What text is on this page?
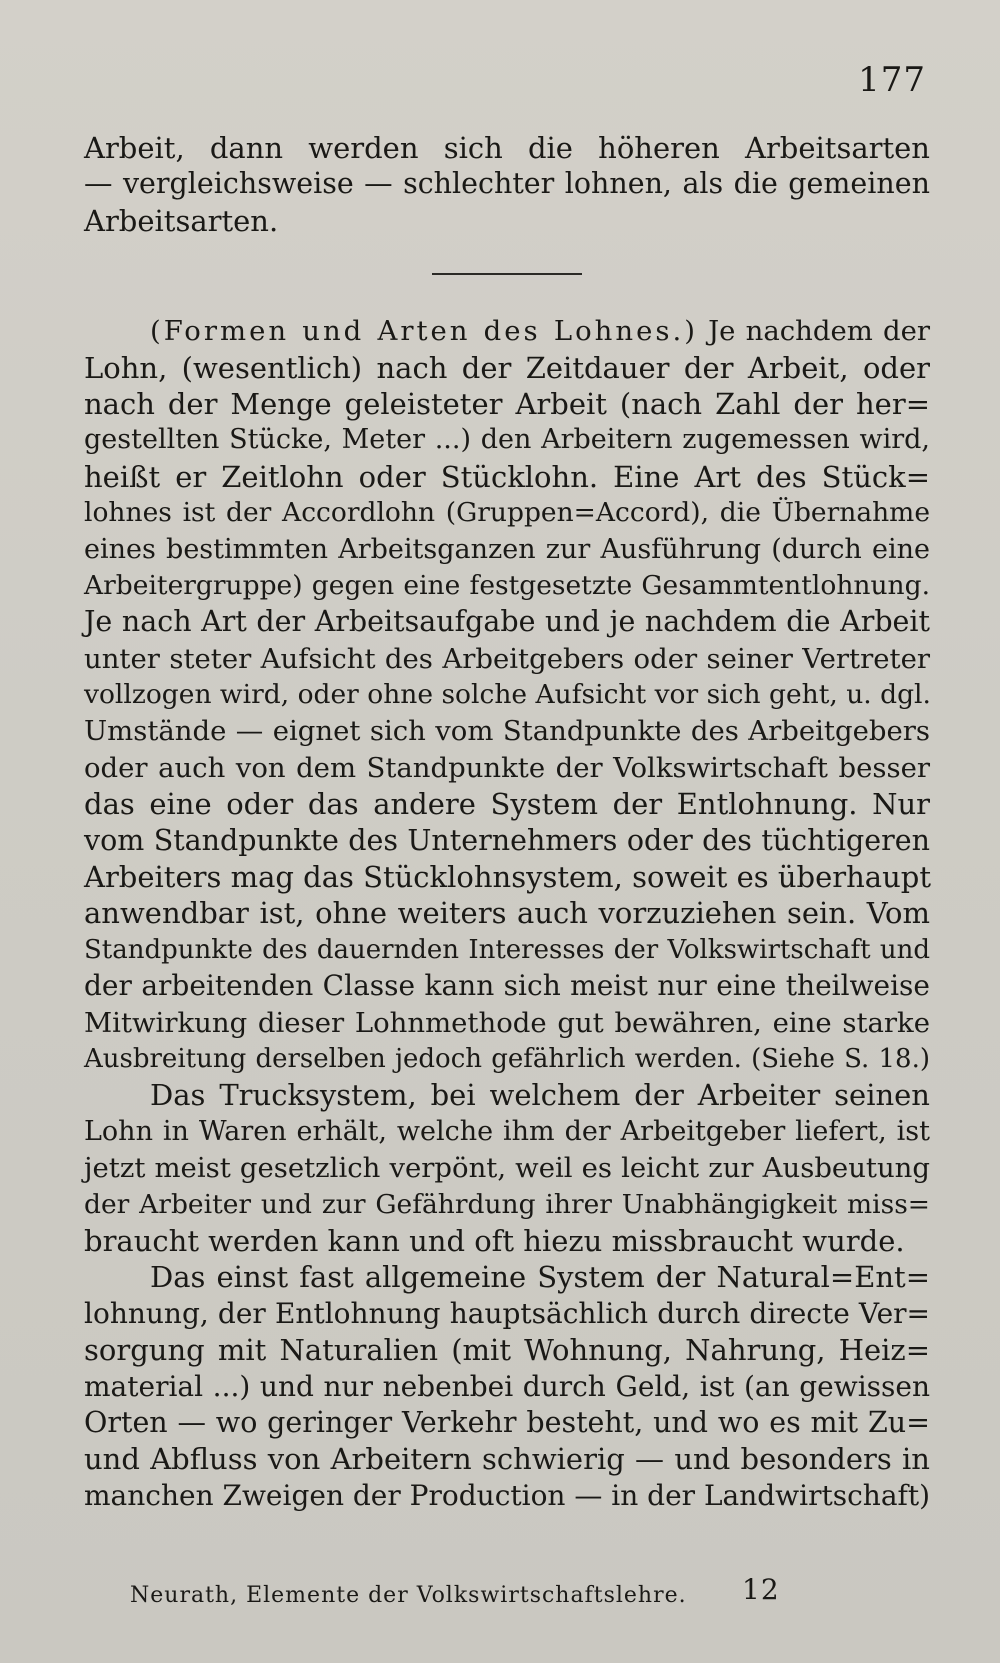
177
Arbeit, dann werden sich die höheren Arbeitsarten
— vergleichsweise — schlechter lohnen, als die gemeinen
Arbeitsarten.
(Formen und Arten des Lohnes.) Je nachdem der
Lohn, (wesentlich) nach der Zeitdauer der Arbeit, oder
nach der Menge geleisteter Arbeit (nach Zahl der her=
gestellten Stücke, Meter ...) den Arbeitern zugemessen wird,
heißt er Zeitlohn oder Stücklohn. Eine Art des Stück=
lohnes ist der Accordlohn (Gruppen=Accord), die Übernahme
eines bestimmten Arbeitsganzen zur Ausführung (durch eine
Arbeitergruppe) gegen eine festgesetzte Gesammtentlohnung.
Je nach Art der Arbeitsaufgabe und je nachdem die Arbeit
unter steter Aufsicht des Arbeitgebers oder seiner Vertreter
vollzogen wird, oder ohne solche Aufsicht vor sich geht, u. dgl.
Umstände — eignet sich vom Standpunkte des Arbeitgebers
oder auch von dem Standpunkte der Volkswirtschaft besser
das eine oder das andere System der Entlohnung. Nur
vom Standpunkte des Unternehmers oder des tüchtigeren
Arbeiters mag das Stücklohnsystem, soweit es überhaupt
anwendbar ist, ohne weiters auch vorzuziehen sein. Vom
Standpunkte des dauernden Interesses der Volkswirtschaft und
der arbeitenden Classe kann sich meist nur eine theilweise
Mitwirkung dieser Lohnmethode gut bewähren, eine starke
Ausbreitung derselben jedoch gefährlich werden. (Siehe S. 18.)
Das Trucksystem, bei welchem der Arbeiter seinen
Lohn in Waren erhält, welche ihm der Arbeitgeber liefert, ist
jetzt meist gesetzlich verpönt, weil es leicht zur Ausbeutung
der Arbeiter und zur Gefährdung ihrer Unabhängigkeit miss=
braucht werden kann und oft hiezu missbraucht wurde.
Das einst fast allgemeine System der Natural=Ent=
lohnung, der Entlohnung hauptsächlich durch directe Ver=
sorgung mit Naturalien (mit Wohnung, Nahrung, Heiz=
material ...) und nur nebenbei durch Geld, ist (an gewissen
Orten — wo geringer Verkehr besteht, und wo es mit Zu=
und Abfluss von Arbeitern schwierig — und besonders in
manchen Zweigen der Production — in der Landwirtschaft)
Neurath, Elemente der Volkswirtschaftslehre. 12
